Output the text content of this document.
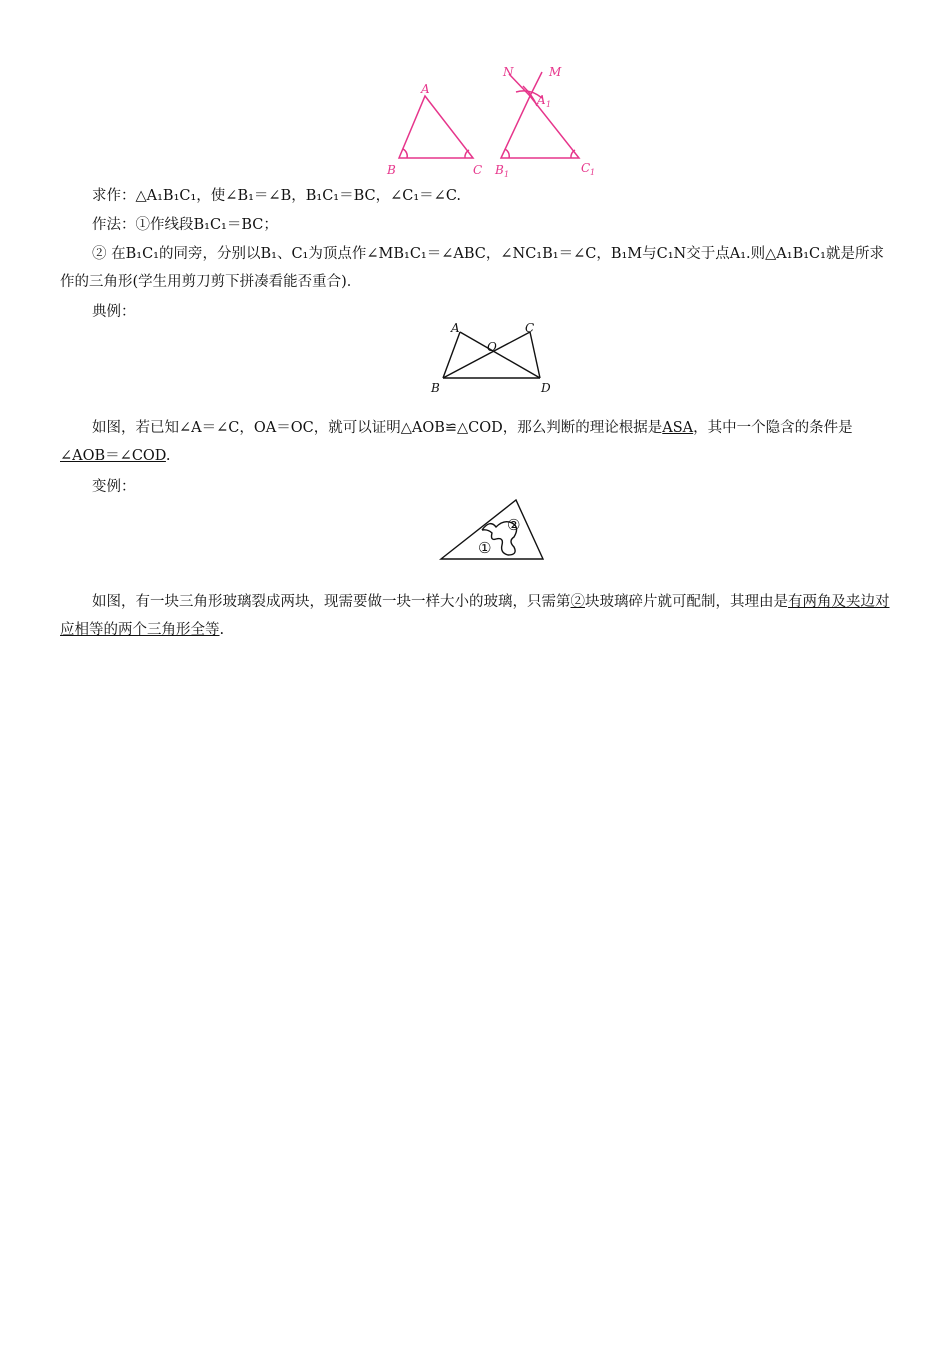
A
B	C
N	M
A 1
B 1	C 1

求作：△A₁B₁C₁，使∠B₁＝∠B，B₁C₁＝BC，∠C₁＝∠C.

作法：①作线段B₁C₁＝BC；

② 在B₁C₁的同旁，分别以B₁、C₁为顶点作∠MB₁C₁＝∠ABC，∠NC₁B₁＝∠C，B₁M与C₁N交于点A₁.则△A₁B₁C₁就是所求作的三角形(学生用剪刀剪下拼凑看能否重合)．

典例：

A	C
O
B	D

如图，若已知∠A＝∠C，OA＝OC，就可以证明△AOB≌△COD，那么判断的理论根据是ASA，其中一个隐含的条件是∠AOB＝∠COD.

变例：

①
②

如图，有一块三角形玻璃裂成两块，现需要做一块一样大小的玻璃，只需第②块玻璃碎片就可配制，其理由是有两角及夹边对应相等的两个三角形全等.
